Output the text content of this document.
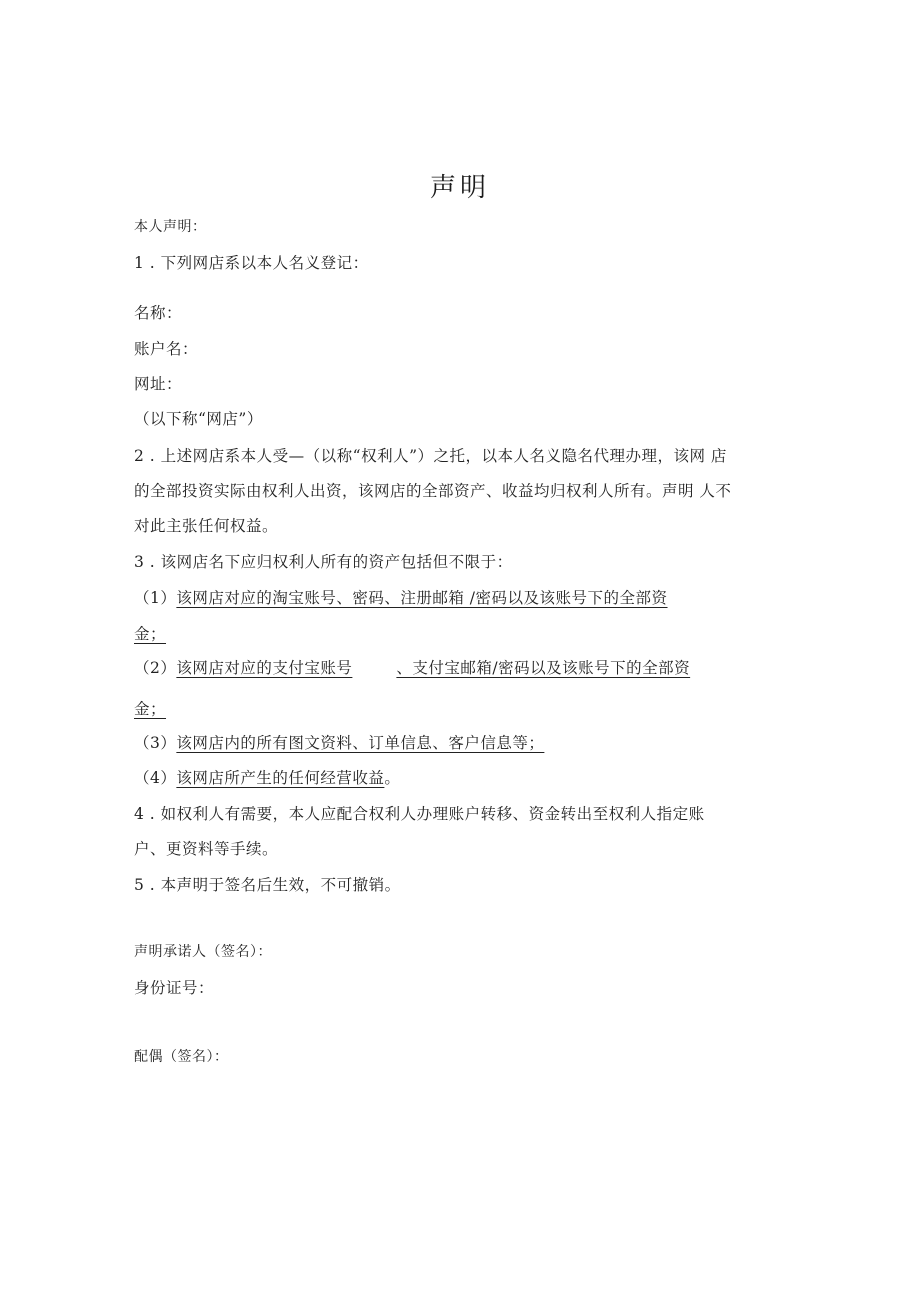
声明
本人声明：
1 . 下列网店系以本人名义登记：
名称：
账户名：
网址：
（以下称“网店”）
2 . 上述网店系本人受—（以称“权利人”）之托，以本人名义隐名代理办理，该网 店
的全部投资实际由权利人出资，该网店的全部资产、收益均归权利人所有。声明 人不
对此主张任何权益。
3 . 该网店名下应归权利人所有的资产包括但不限于：
（1）该网店对应的淘宝账号、密码、注册邮箱 /密码以及该账号下的全部资
金；
（2）该网店对应的支付宝账号	、支付宝邮箱/密码以及该账号下的全部资
金；
（3）该网店内的所有图文资料、订单信息、客户信息等；
（4）该网店所产生的任何经营收益。
4 . 如权利人有需要，本人应配合权利人办理账户转移、资金转出至权利人指定账
户、更资料等手续。
5 . 本声明于签名后生效，不可撤销。
声明承诺人（签名）：
身份证号：
配偶（签名）：
